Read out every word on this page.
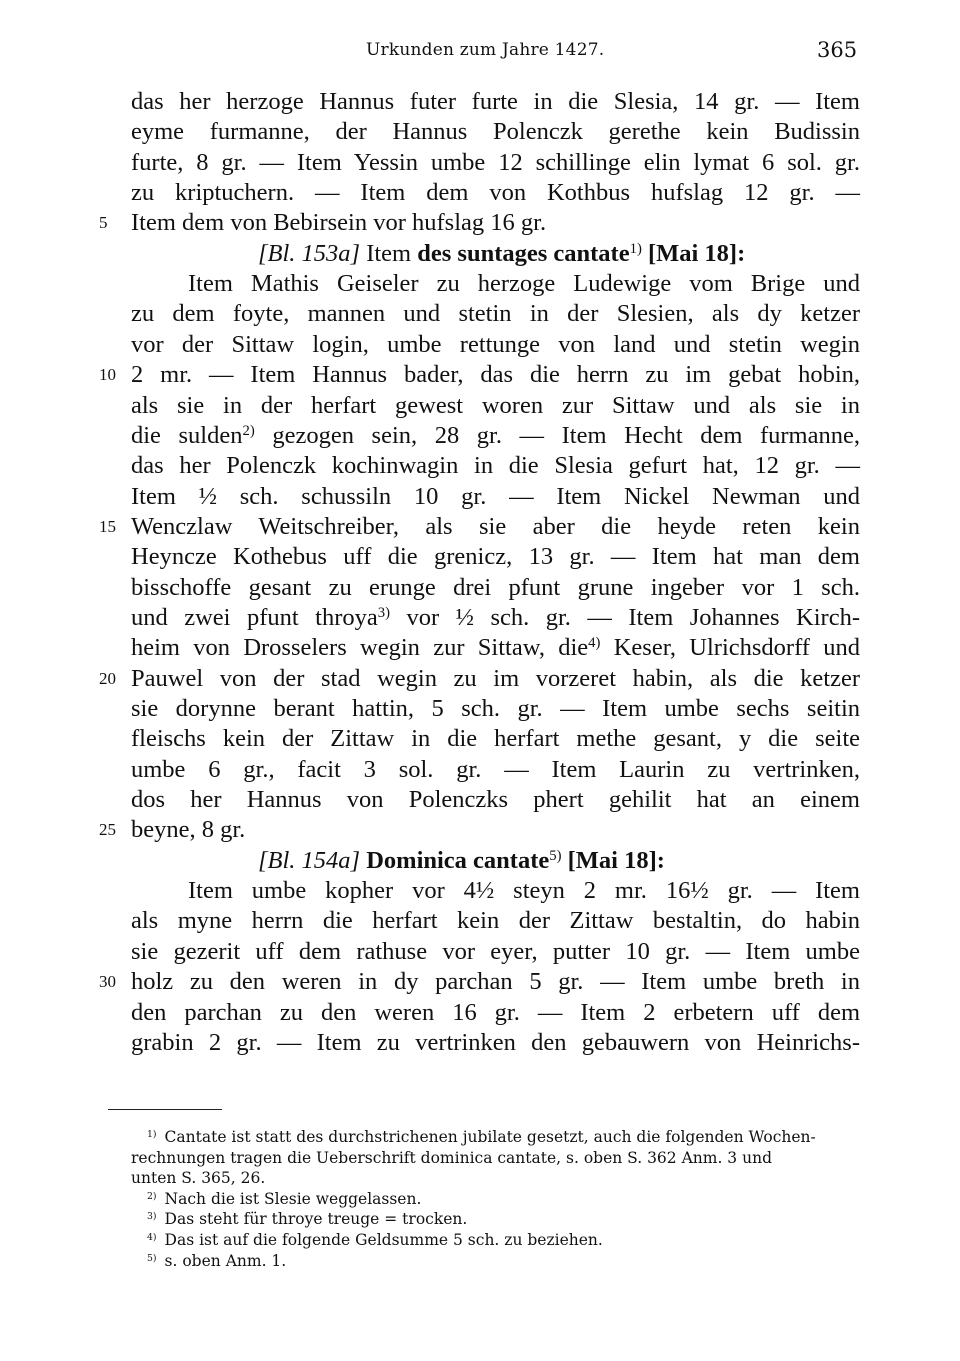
Urkunden zum Jahre 1427.	365
das her herzoge Hannus futer furte in die Slesia, 14 gr. — Item
eyme furmanne, der Hannus Polenczk gerethe kein Budissin
furte, 8 gr. — Item Yessin umbe 12 schillinge elin lymat 6 sol. gr.
zu kriptuchern. — Item dem von Kothbus hufslag 12 gr. —
Item dem von Bebirsein vor hufslag 16 gr.
5
[Bl. 153a] Item des suntages cantate$^{1)}$ [Mai 18]:
Item Mathis Geiseler zu herzoge Ludewige vom Brige und
zu dem foyte, mannen und stetin in der Slesien, als dy ketzer
vor der Sittaw login, umbe rettunge von land und stetin wegin
2 mr. — Item Hannus bader, das die herrn zu im gebat hobin,
10
als sie in der herfart gewest woren zur Sittaw und als sie in
die sulden$^{2)}$ gezogen sein, 28 gr. — Item Hecht dem furmanne,
das her Polenczk kochinwagin in die Slesia gefurt hat, 12 gr. —
Item ½ sch. schussiln 10 gr. — Item Nickel Newman und
Wenczlaw Weitschreiber, als sie aber die heyde reten kein
15
Heyncze Kothebus uff die grenicz, 13 gr. — Item hat man dem
bisschoffe gesant zu erunge drei pfunt grune ingeber vor 1 sch.
und zwei pfunt throya$^{3)}$ vor ½ sch. gr. — Item Johannes Kirch-
heim von Drosselers wegin zur Sittaw, die$^{4)}$ Keser, Ulrichsdorff und
Pauwel von der stad wegin zu im vorzeret habin, als die ketzer
20
sie dorynne berant hattin, 5 sch. gr. — Item umbe sechs seitin
fleischs kein der Zittaw in die herfart methe gesant, y die seite
umbe 6 gr., facit 3 sol. gr. — Item Laurin zu vertrinken,
dos her Hannus von Polenczks phert gehilit hat an einem
beyne, 8 gr.
25
[Bl. 154a] Dominica cantate$^{5)}$ [Mai 18]:
Item umbe kopher vor 4½ steyn 2 mr. 16½ gr. — Item
als myne herrn die herfart kein der Zittaw bestaltin, do habin
sie gezerit uff dem rathuse vor eyer, putter 10 gr. — Item umbe
holz zu den weren in dy parchan 5 gr. — Item umbe breth in
30
den parchan zu den weren 16 gr. — Item 2 erbetern uff dem
grabin 2 gr. — Item zu vertrinken den gebauwern von Heinrichs-
$^{1)}$ Cantate ist statt des durchstrichenen jubilate gesetzt, auch die folgenden Wochen-
rechnungen tragen die Ueberschrift dominica cantate, s. oben S. 362 Anm. 3 und
unten S. 365, 26.
$^{2)}$ Nach die ist Slesie weggelassen.
$^{3)}$ Das steht für throye treuge = trocken.
$^{4)}$ Das ist auf die folgende Geldsumme 5 sch. zu beziehen.
$^{5)}$ s. oben Anm. 1.
